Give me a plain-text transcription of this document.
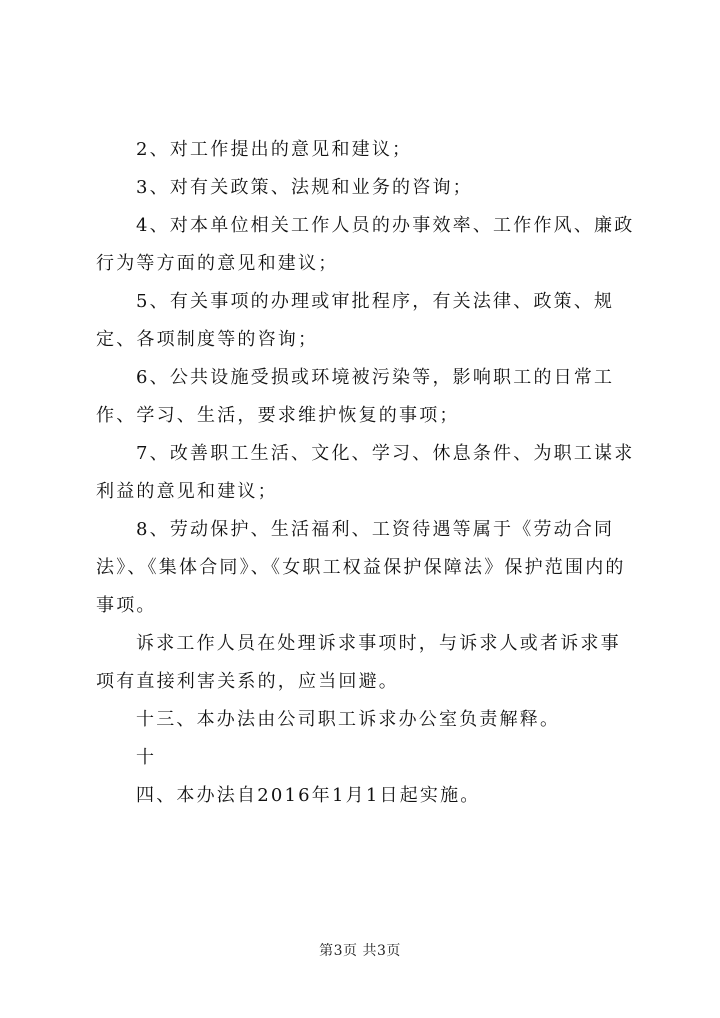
2、对工作提出的意见和建议；

3、对有关政策、法规和业务的咨询；

4、对本单位相关工作人员的办事效率、工作作风、廉政行为等方面的意见和建议；

5、有关事项的办理或审批程序，有关法律、政策、规定、各项制度等的咨询；

6、公共设施受损或环境被污染等，影响职工的日常工作、学习、生活，要求维护恢复的事项；

7、改善职工生活、文化、学习、休息条件、为职工谋求利益的意见和建议；

8、劳动保护、生活福利、工资待遇等属于《劳动合同法》、《集体合同》、《女职工权益保护保障法》保护范围内的事项。

诉求工作人员在处理诉求事项时，与诉求人或者诉求事项有直接利害关系的，应当回避。

十三、本办法由公司职工诉求办公室负责解释。

十

四、本办法自2016年1月1日起实施。

第3页 共3页
